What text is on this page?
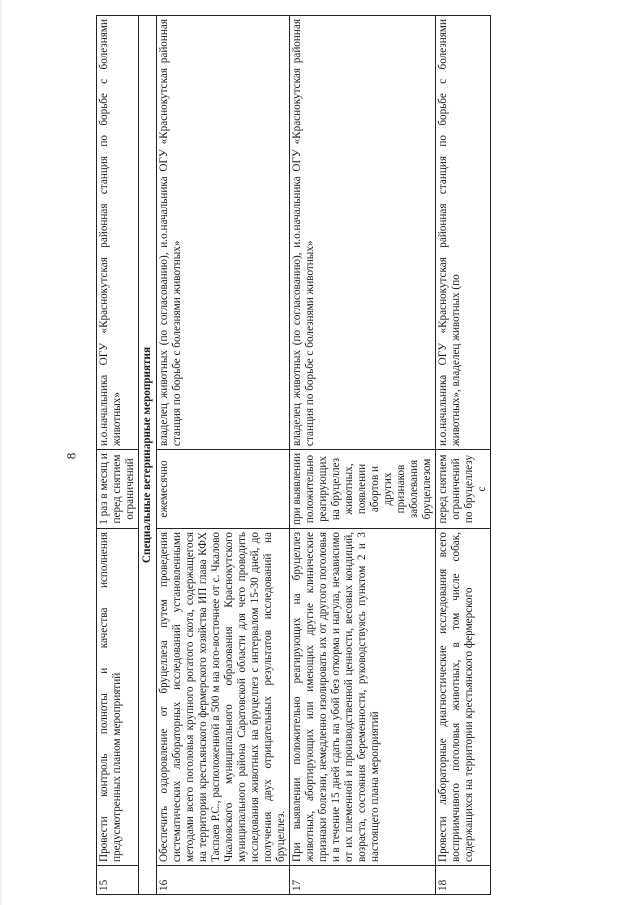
8
15	Провести контроль полноты и качества исполнения предусмотренных планом мероприятий	1 раз в месяц и перед снятием ограничений	и.о.начальника ОГУ «Краснокутская районная станция по борьбе с болезнями животных»
Специальные ветеринарные мероприятия			
16	Обеспечить оздоровление от бруцеллеза путем проведения систематических лабораторных исследований установленными методами всего поголовья крупного рогатого скота, содержащегося на территории крестьянского фермерского хозяйства ИП глава КФХ Таспаев Р.С., расположенной в 500 м на юго-восточнее от с. Чкалово Чкаловского муниципального образования Краснокутского муниципального района Саратовской области для чего проводить исследования животных на бруцеллез с интервалом 15-30 дней, до получения двух отрицательных результатов исследований на бруцеллез.	ежемесячно	владелец животных (по согласованию), и.о.начальника ОГУ «Краснокутская районная станция по борьбе с болезнями животных»
17	При выявлении положительно реагирующих на бруцеллез животных, абортирующих или имеющих другие клинические признаки болезни, немедленно изолировать их от другого поголовья и в течение 15 дней сдать на убой без откорма и нагула, независимо от их племенной и производственной ценности, весовых кондиций, возраста, состояния беременности, руководствуясь пунктом 2 и 3 настоящего плана мероприятий	при выявлении положительно реагирующих на бруцеллез животных, появлении абортов и других признаков заболевания бруцеллезом	владелец животных (по согласованию), и.о.начальника ОГУ «Краснокутская районная станция по борьбе с болезнями животных»
18	Провести лабораторные диагностические исследования всего восприимчивого поголовья животных, в том числе собак, содержащихся на территории крестьянского фермерского	перед снятием ограничений по бруцеллезу с	и.о.начальника ОГУ «Краснокутская районная станция по борьбе с болезнями животных», владелец животных (по
